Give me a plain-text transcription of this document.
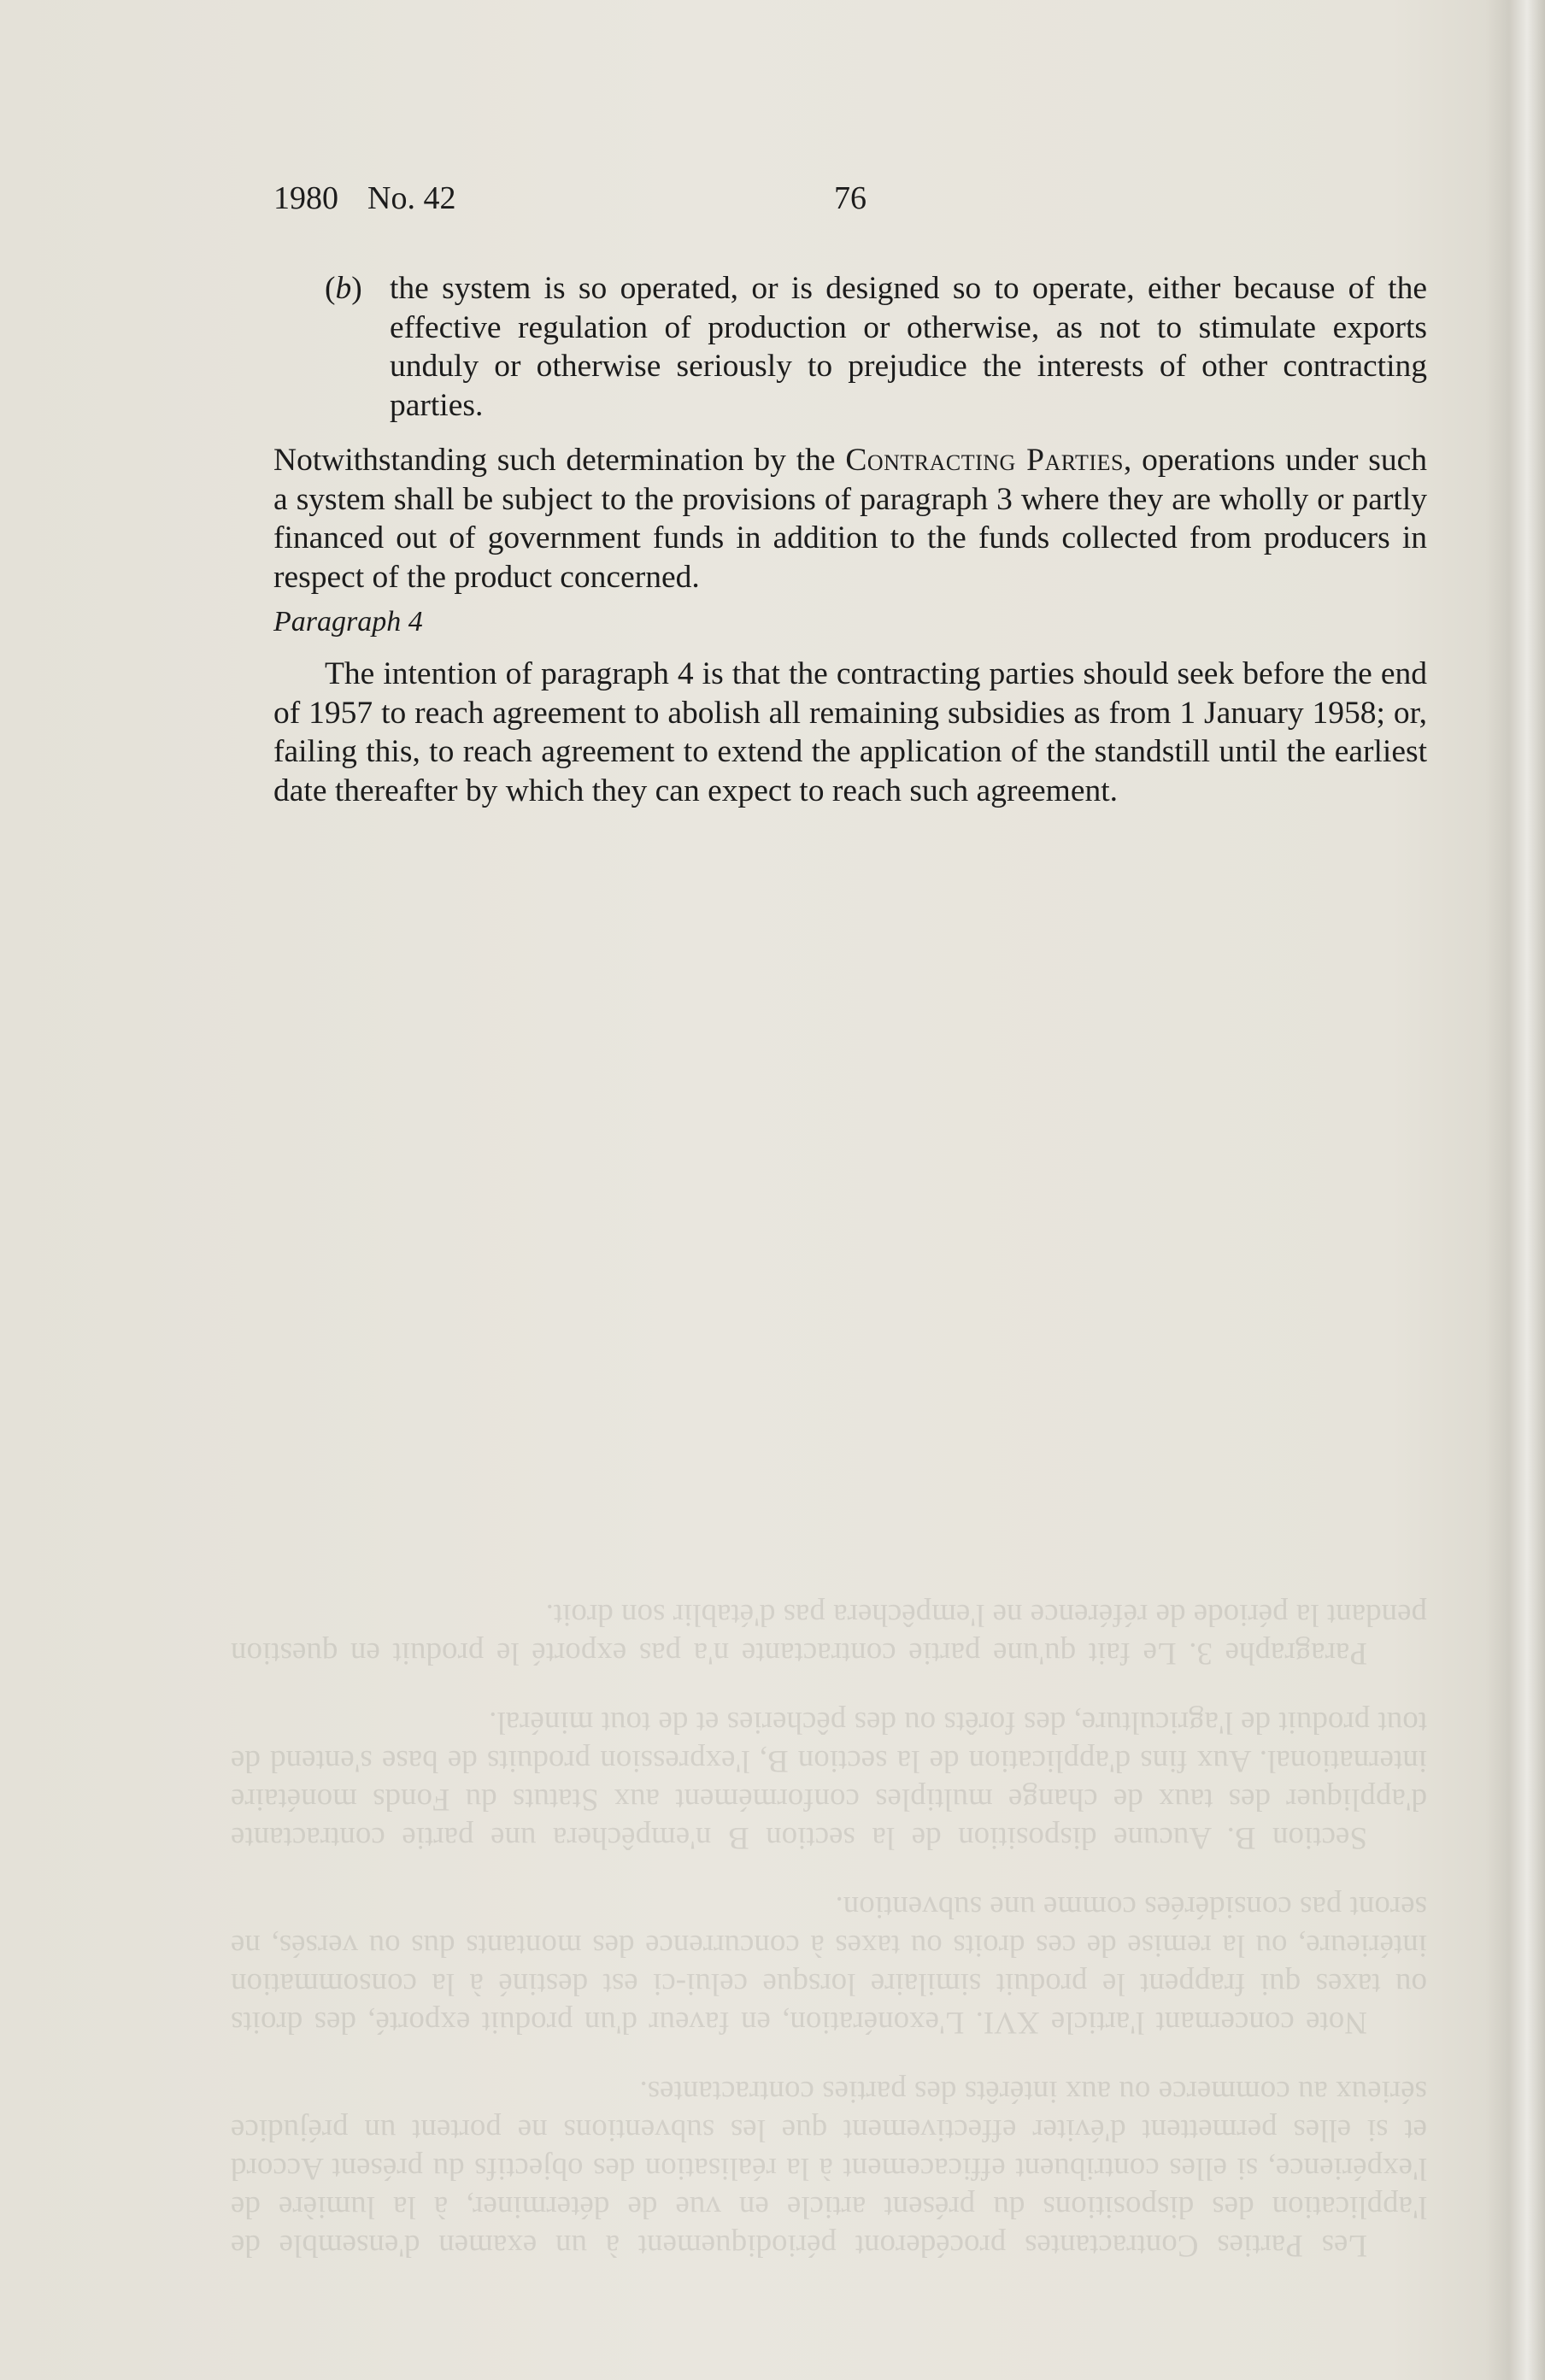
Les Parties Contractantes procéderont périodiquement à un examen d'ensemble de l'application des dispositions du présent article en vue de déterminer, à la lumière de l'expérience, si elles contribuent efficacement à la réalisation des objectifs du présent Accord et si elles permettent d'éviter effectivement que les subventions ne portent un préjudice sérieux au commerce ou aux intérêts des parties contractantes.

Note concernant l'article XVI. L'exonération, en faveur d'un produit exporté, des droits ou taxes qui frappent le produit similaire lorsque celui-ci est destiné à la consommation intérieure, ou la remise de ces droits ou taxes à concurrence des montants dus ou versés, ne seront pas considérées comme une subvention.

Section B. Aucune disposition de la section B n'empêchera une partie contractante d'appliquer des taux de change multiples conformément aux Statuts du Fonds monétaire international. Aux fins d'application de la section B, l'expression produits de base s'entend de tout produit de l'agriculture, des forêts ou des pêcheries et de tout minéral.

Paragraphe 3. Le fait qu'une partie contractante n'a pas exporté le produit en question pendant la période de référence ne l'empêchera pas d'établir son droit.

1980 No. 42	76
(b) the system is so operated, or is designed so to operate, either because of the effective regulation of production or otherwise, as not to stimulate exports unduly or otherwise seriously to prejudice the interests of other contracting parties.

Notwithstanding such determination by the Contracting Parties, operations under such a system shall be subject to the provisions of paragraph 3 where they are wholly or partly financed out of government funds in addition to the funds collected from producers in respect of the product concerned.

Paragraph 4

The intention of paragraph 4 is that the contracting parties should seek before the end of 1957 to reach agreement to abolish all remaining subsidies as from 1 January 1958; or, failing this, to reach agreement to extend the application of the standstill until the earliest date thereafter by which they can expect to reach such agreement.
